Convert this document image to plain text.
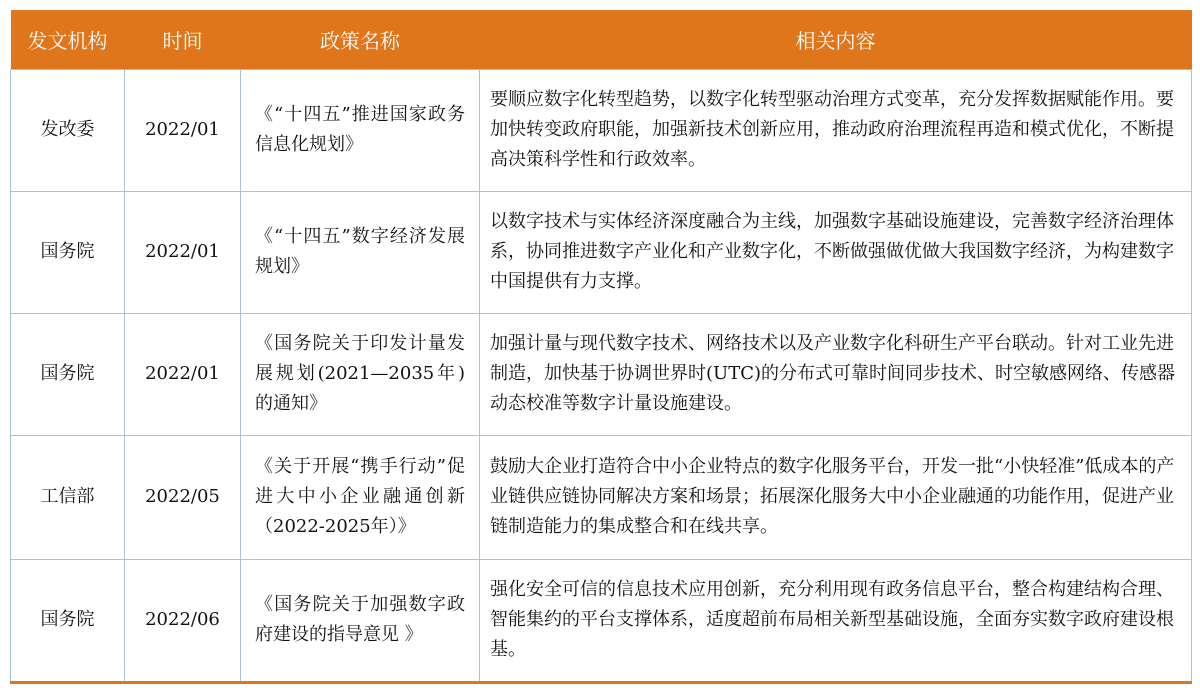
发文机构	时间	政策名称	相关内容
发改委	2022/01	《“十四五”推进国家政务信息化规划》	要顺应数字化转型趋势，以数字化转型驱动治理方式变革，充分发挥数据赋能作用。要加快转变政府职能，加强新技术创新应用，推动政府治理流程再造和模式优化，不断提高决策科学性和行政效率。
国务院	2022/01	《“十四五”数字经济发展规划》	以数字技术与实体经济深度融合为主线，加强数字基础设施建设，完善数字经济治理体系，协同推进数字产业化和产业数字化，不断做强做优做大我国数字经济，为构建数字中国提供有力支撑。
国务院	2022/01	《国务院关于印发计量发展规划(2021—2035年)的通知》	加强计量与现代数字技术、网络技术以及产业数字化科研生产平台联动。针对工业先进制造，加快基于协调世界时(UTC)的分布式可靠时间同步技术、时空敏感网络、传感器动态校准等数字计量设施建设。
工信部	2022/05	《关于开展“携手行动”促进大中小企业融通创新（2022-2025年）》	鼓励大企业打造符合中小企业特点的数字化服务平台，开发一批“小快轻准”低成本的产业链供应链协同解决方案和场景；拓展深化服务大中小企业融通的功能作用，促进产业链制造能力的集成整合和在线共享。
国务院	2022/06	《国务院关于加强数字政府建设的指导意见 》	强化安全可信的信息技术应用创新，充分利用现有政务信息平台，整合构建结构合理、智能集约的平台支撑体系，适度超前布局相关新型基础设施，全面夯实数字政府建设根基。
